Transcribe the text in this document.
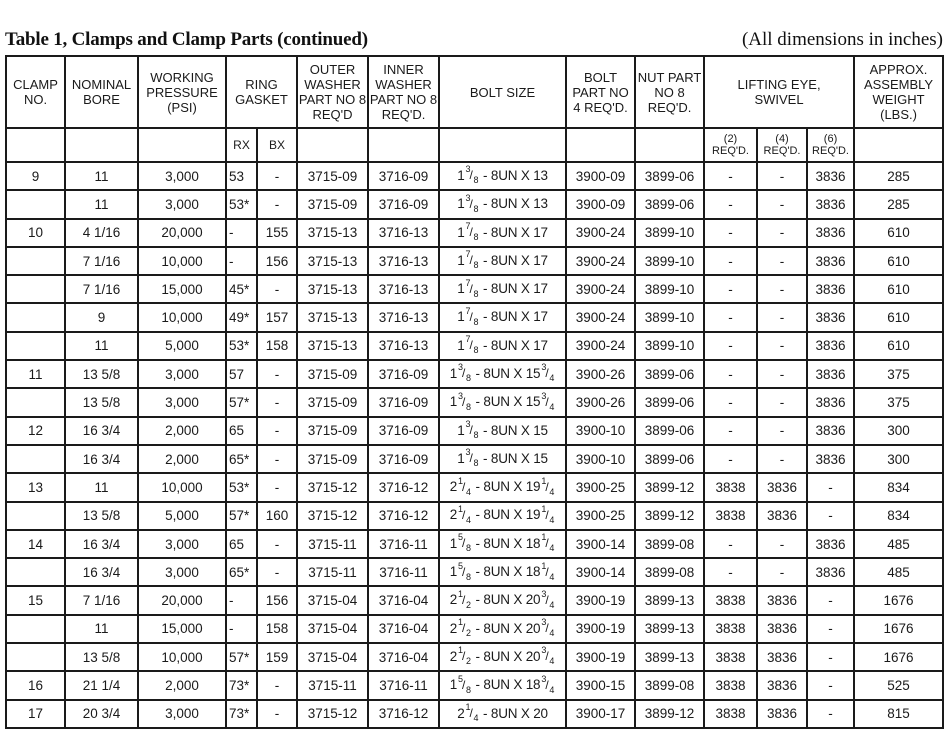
Table 1, Clamps and Clamp Parts (continued)	(All dimensions in inches)
CLAMP NO.	NOMINAL BORE	WORKING PRESSURE (PSI)	RING GASKET		OUTER WASHER PART NO 8 REQ'D	INNER WASHER PART NO 8 REQ'D.	BOLT SIZE	BOLT PART NO 4 REQ'D.	NUT PART NO 8 REQ'D.	LIFTING EYE, SWIVEL			APPROX. ASSEMBLY WEIGHT (LBS.)

			RX	BX						(2) REQ'D.	(4) REQ'D.	(6) REQ'D.	

9	11	3,000	53	-	3715-09	3716-09	1 3 / 8 - 8UN X 13	3900-09	3899-06	-	-	3836	285
	11	3,000	53*	-	3715-09	3716-09	1 3 / 8 - 8UN X 13	3900-09	3899-06	-	-	3836	285
10	4 1/16	20,000	-	155	3715-13	3716-13	1 7 / 8 - 8UN X 17	3900-24	3899-10	-	-	3836	610
	7 1/16	10,000	-	156	3715-13	3716-13	1 7 / 8 - 8UN X 17	3900-24	3899-10	-	-	3836	610
	7 1/16	15,000	45*	-	3715-13	3716-13	1 7 / 8 - 8UN X 17	3900-24	3899-10	-	-	3836	610
	9	10,000	49*	157	3715-13	3716-13	1 7 / 8 - 8UN X 17	3900-24	3899-10	-	-	3836	610
	11	5,000	53*	158	3715-13	3716-13	1 7 / 8 - 8UN X 17	3900-24	3899-10	-	-	3836	610
11	13 5/8	3,000	57	-	3715-09	3716-09	1 3 / 8 - 8UN X 15 3 / 4	3900-26	3899-06	-	-	3836	375
	13 5/8	3,000	57*	-	3715-09	3716-09	1 3 / 8 - 8UN X 15 3 / 4	3900-26	3899-06	-	-	3836	375
12	16 3/4	2,000	65	-	3715-09	3716-09	1 3 / 8 - 8UN X 15	3900-10	3899-06	-	-	3836	300
	16 3/4	2,000	65*	-	3715-09	3716-09	1 3 / 8 - 8UN X 15	3900-10	3899-06	-	-	3836	300
13	11	10,000	53*	-	3715-12	3716-12	2 1 / 4 - 8UN X 19 1 / 4	3900-25	3899-12	3838	3836	-	834
	13 5/8	5,000	57*	160	3715-12	3716-12	2 1 / 4 - 8UN X 19 1 / 4	3900-25	3899-12	3838	3836	-	834
14	16 3/4	3,000	65	-	3715-11	3716-11	1 5 / 8 - 8UN X 18 1 / 4	3900-14	3899-08	-	-	3836	485
	16 3/4	3,000	65*	-	3715-11	3716-11	1 5 / 8 - 8UN X 18 1 / 4	3900-14	3899-08	-	-	3836	485
15	7 1/16	20,000	-	156	3715-04	3716-04	2 1 / 2 - 8UN X 20 3 / 4	3900-19	3899-13	3838	3836	-	1676
	11	15,000	-	158	3715-04	3716-04	2 1 / 2 - 8UN X 20 3 / 4	3900-19	3899-13	3838	3836	-	1676
	13 5/8	10,000	57*	159	3715-04	3716-04	2 1 / 2 - 8UN X 20 3 / 4	3900-19	3899-13	3838	3836	-	1676
16	21 1/4	2,000	73*	-	3715-11	3716-11	1 5 / 8 - 8UN X 18 3 / 4	3900-15	3899-08	3838	3836	-	525
17	20 3/4	3,000	73*	-	3715-12	3716-12	2 1 / 4 - 8UN X 20	3900-17	3899-12	3838	3836	-	815
